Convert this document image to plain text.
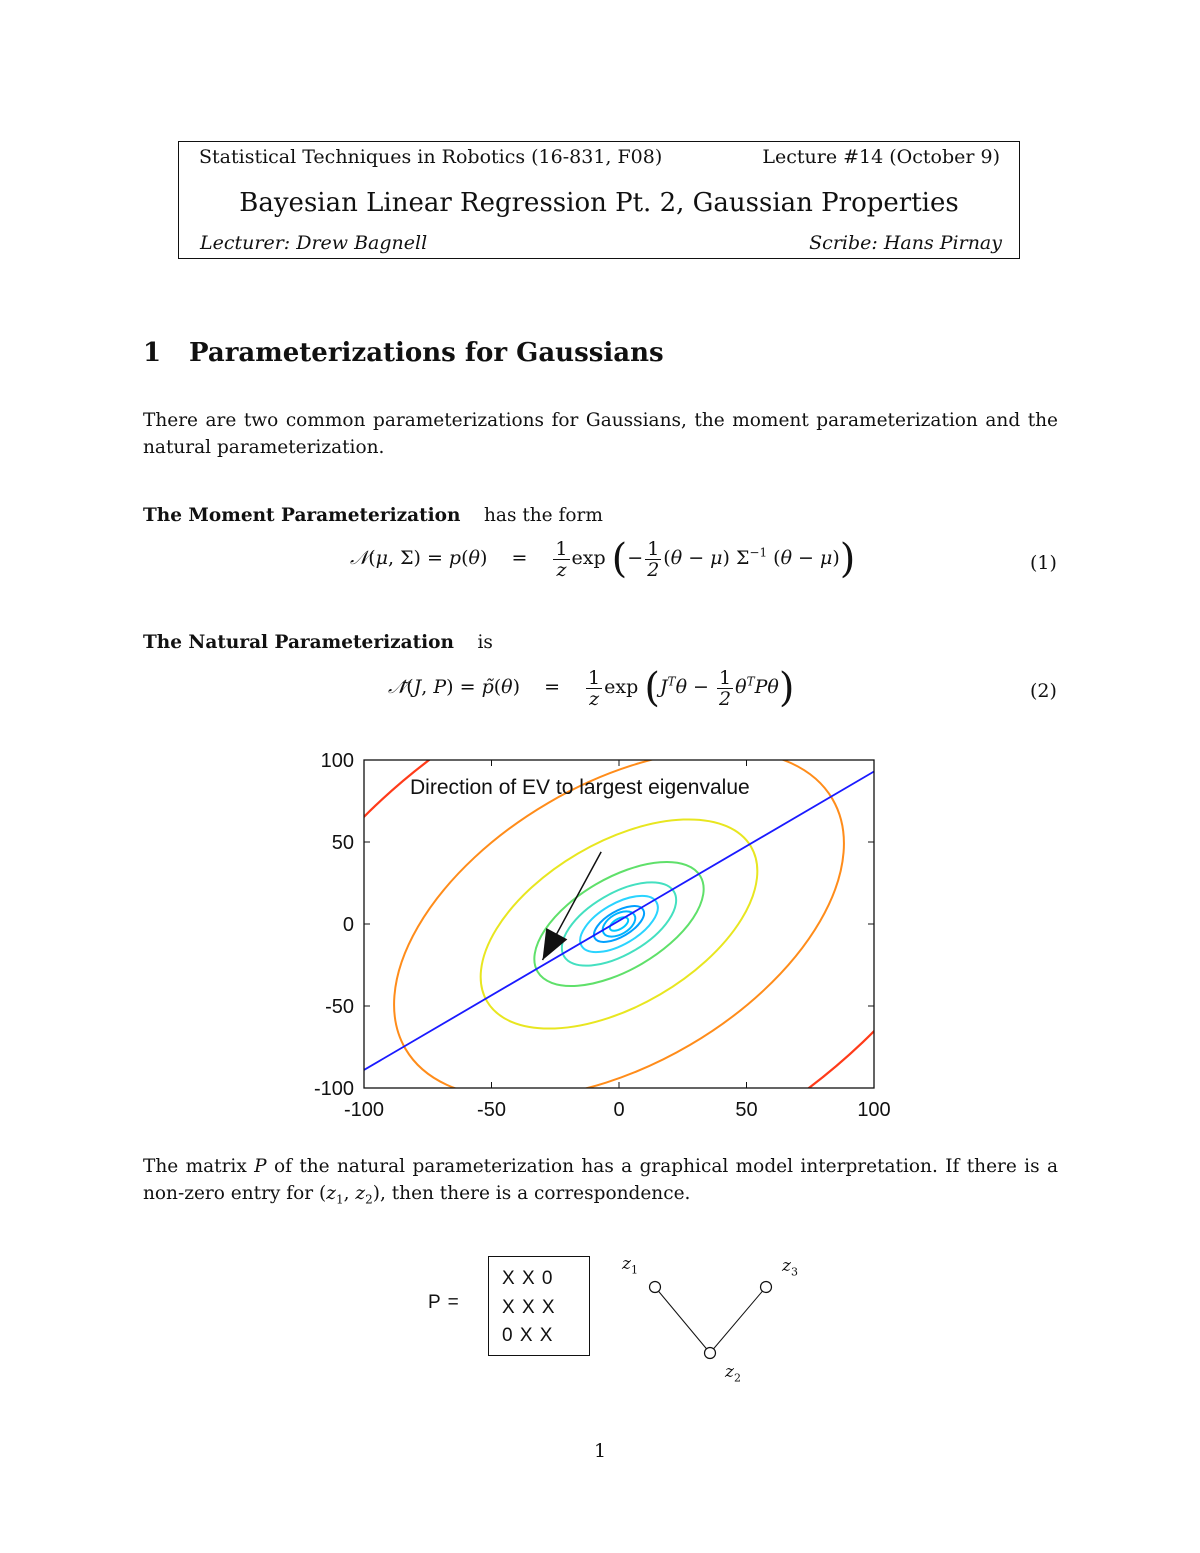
Statistical Techniques in Robotics (16-831, F08)	Lecture #14 (October 9)
Bayesian Linear Regression Pt. 2, Gaussian Properties
Lecturer: Drew Bagnell	Scribe: Hans Pirnay
1 Parameterizations for Gaussians
There are two common parameterizations for Gaussians, the moment parameterization and the
natural parameterization.
The Moment Parameterization has the form
𝒩(μ, $\Sigma) = p(\theta) = \frac{1}{z}$ exp (− $\frac{1}{2} (\theta - \mu)$ $\Sigma^{-1}$ (θ − μ))	(1)
The Natural Parameterization is
𝒩̃(J, P) = p̃(θ) = $\frac{1}{z}$ $\exp (J^T\theta - \frac{1}{2} \theta^TP\theta)$	(2)
-100	-50	0	50	100
-100
-50
0
50
100
Direction of EV to largest eigenvalue
The matrix P of the natural parameterization has a graphical model interpretation. If there is a
non-zero entry for ($z_1$, $z_2$), then there is a correspondence.
P =
X X 0
X X X
0 X X
$z_1$	$z_3$
$z_2$
1
